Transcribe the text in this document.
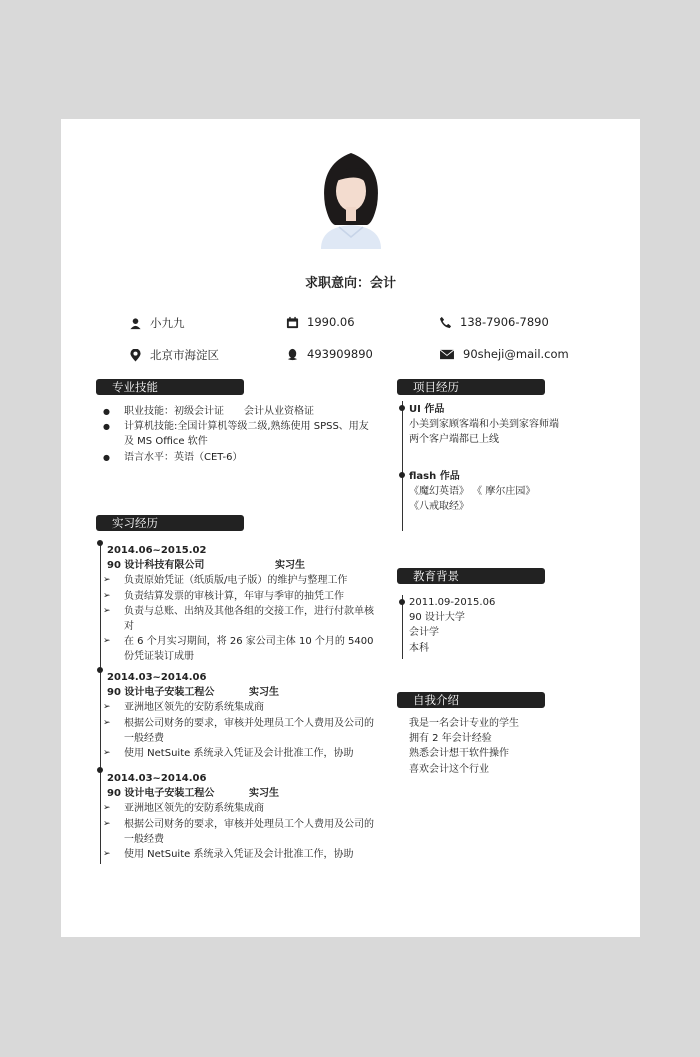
求职意向：会计
小九九	1990.06	138-7906-7890
北京市海淀区	493909890	90sheji@mail.com
专业技能	项目经历
实习经历
教育背景
自我介绍
● 职业技能：初级会计证　　会计从业资格证
● 计算机技能:全国计算机等级二级,熟练使用 SPSS、用友及 MS Office 软件
● 语言水平：英语（CET-6）
2014.06~2015.02
90 设计科技有限公司	实习生
➢ 负责原始凭证（纸质版/电子版）的维护与整理工作
➢ 负责结算发票的审核计算，年审与季审的抽凭工作
➢ 负责与总账、出纳及其他各组的交接工作，进行付款单核对
➢ 在 6 个月实习期间，将 26 家公司主体 10 个月的 5400 份凭证装订成册
2014.03~2014.06
90 设计电子安装工程公	实习生
➢ 亚洲地区领先的安防系统集成商
➢ 根据公司财务的要求，审核并处理员工个人费用及公司的一般经费
➢ 使用 NetSuite 系统录入凭证及会计批准工作，协助
2014.03~2014.06
90 设计电子安装工程公	实习生
➢ 亚洲地区领先的安防系统集成商
➢ 根据公司财务的要求，审核并处理员工个人费用及公司的一般经费
➢ 使用 NetSuite 系统录入凭证及会计批准工作，协助
UI 作品
小美到家顾客端和小美到家容师端
两个客户端都已上线
flash 作品
《魔幻英语》 《 摩尔庄园》
《八戒取经》
2011.09-2015.06
90 设计大学
会计学
本科
我是一名会计专业的学生
拥有 2 年会计经验
熟悉会计想干软件操作
喜欢会计这个行业
